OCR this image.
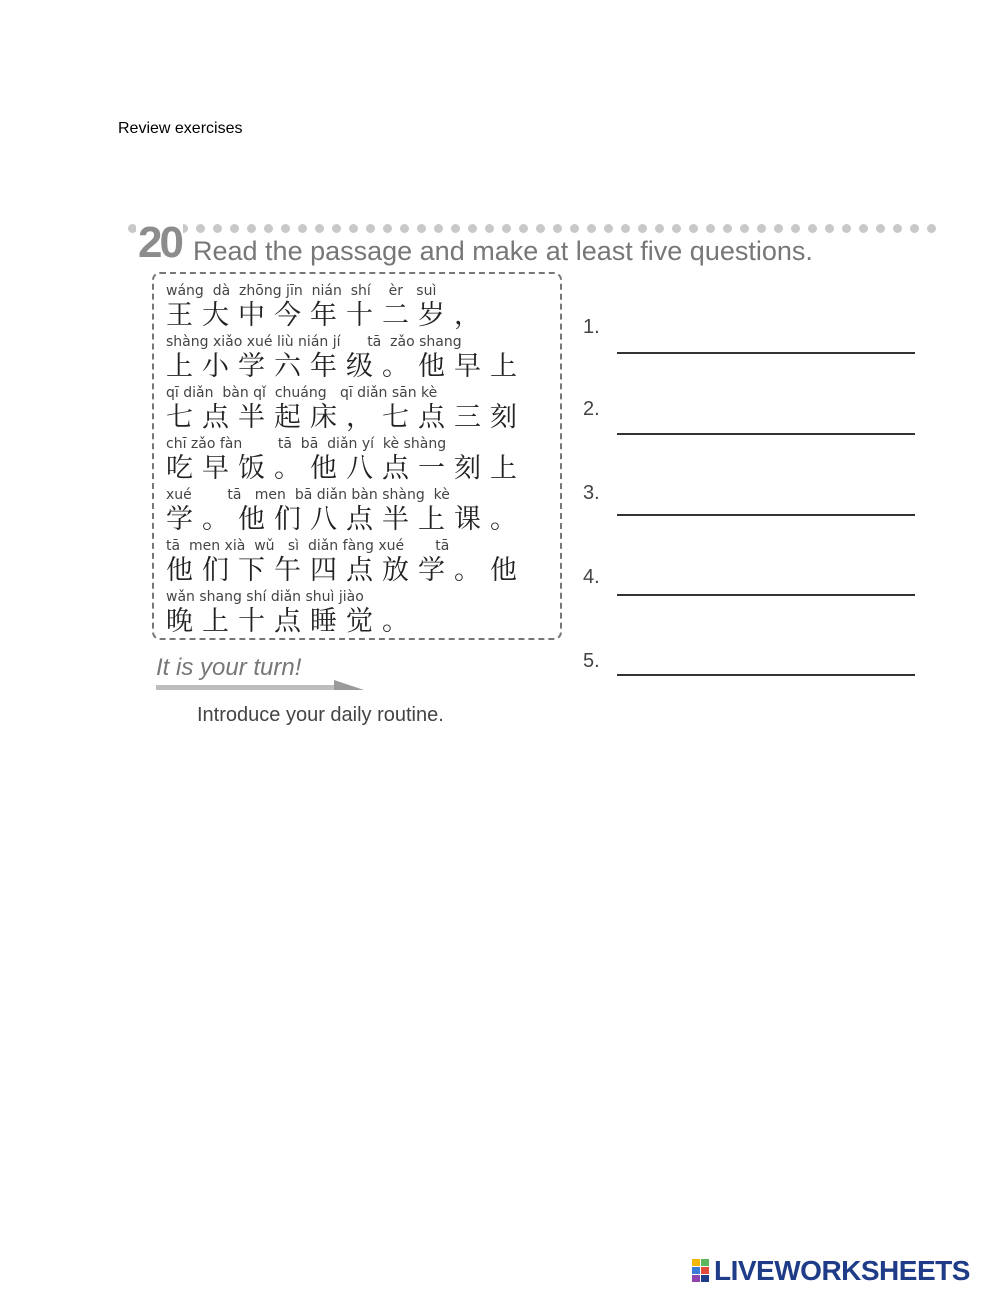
Review exercises
20 Read the passage and make at least five questions.
wáng  dà  zhōng jīn  nián  shí    èr   suì
王大中今年十二岁，
shàng xiǎo xué liù nián jí      tā  zǎo shang
上小学六年级。他早上
qī diǎn  bàn qǐ  chuáng   qī diǎn sān kè
七点半起床，七点三刻
chī zǎo fàn        tā  bā  diǎn yí  kè shàng
吃早饭。他八点一刻上
xué        tā   men  bā diǎn bàn shàng  kè
学。他们八点半上课。
tā  men xià  wǔ   sì  diǎn fàng xué       tā
他们下午四点放学。他
wǎn shang shí diǎn shuì jiào
晚上十点睡觉。
1.
2.
3.
4.
5.
It is your turn!
Introduce your daily routine.
LIVEWORKSHEETS
